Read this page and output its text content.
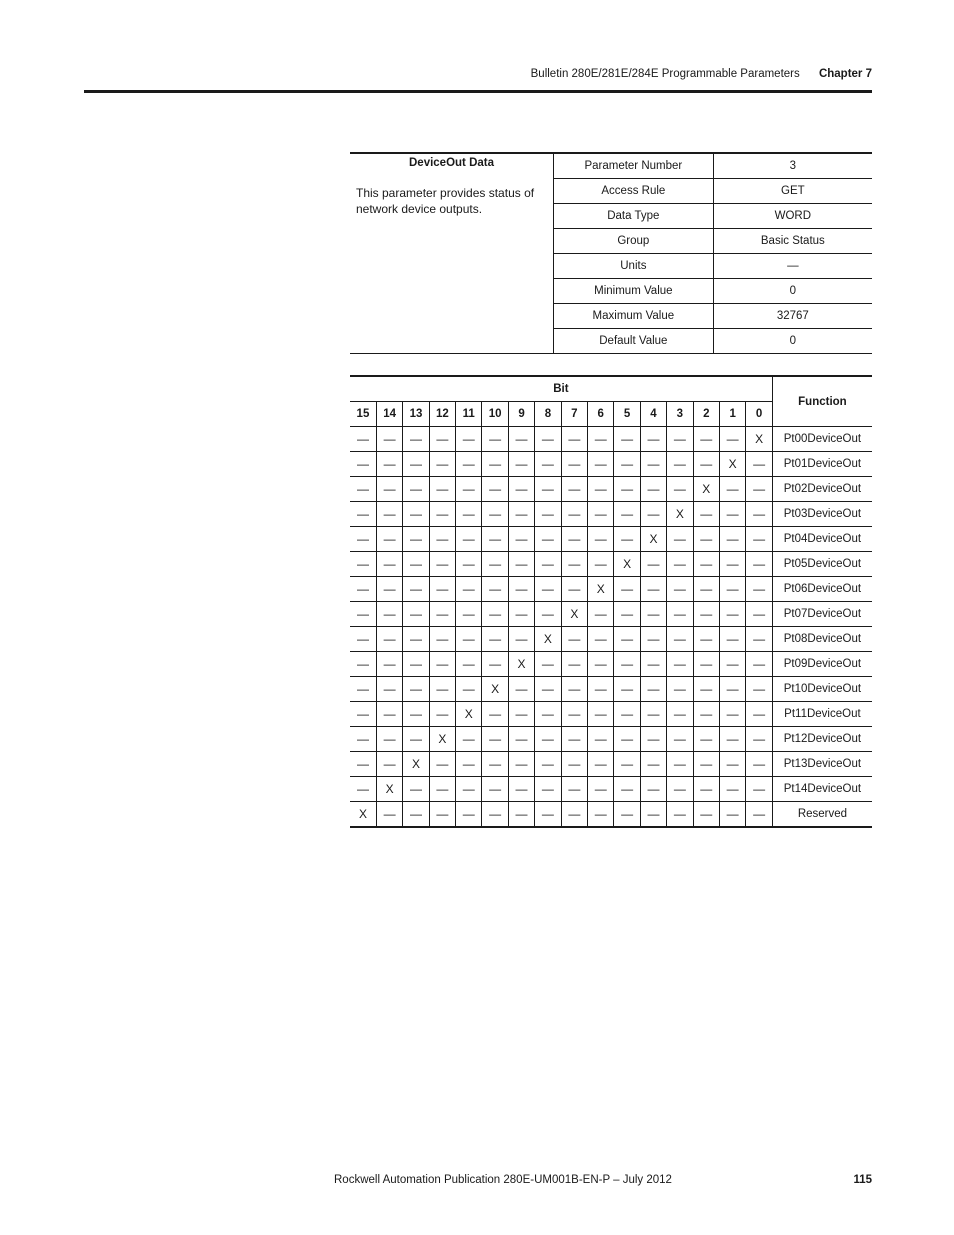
Bulletin 280E/281E/284E Programmable Parameters Chapter 7
DeviceOut Data
This parameter provides status of network device outputs.	Parameter Number	3
	Access Rule	GET
	Data Type	WORD
	Group	Basic Status
	Units	—
	Minimum Value	0
	Maximum Value	32767
	Default Value	0
Bit																Function
15	14	13	12	11	10	9	8	7	6	5	4	3	2	1	0	
—	—	—	—	—	—	—	—	—	—	—	—	—	—	—	X	Pt00DeviceOut
—	—	—	—	—	—	—	—	—	—	—	—	—	—	X	—	Pt01DeviceOut
—	—	—	—	—	—	—	—	—	—	—	—	—	X	—	—	Pt02DeviceOut
—	—	—	—	—	—	—	—	—	—	—	—	X	—	—	—	Pt03DeviceOut
—	—	—	—	—	—	—	—	—	—	—	X	—	—	—	—	Pt04DeviceOut
—	—	—	—	—	—	—	—	—	—	X	—	—	—	—	—	Pt05DeviceOut
—	—	—	—	—	—	—	—	—	X	—	—	—	—	—	—	Pt06DeviceOut
—	—	—	—	—	—	—	—	X	—	—	—	—	—	—	—	Pt07DeviceOut
—	—	—	—	—	—	—	X	—	—	—	—	—	—	—	—	Pt08DeviceOut
—	—	—	—	—	—	X	—	—	—	—	—	—	—	—	—	Pt09DeviceOut
—	—	—	—	—	X	—	—	—	—	—	—	—	—	—	—	Pt10DeviceOut
—	—	—	—	X	—	—	—	—	—	—	—	—	—	—	—	Pt11DeviceOut
—	—	—	X	—	—	—	—	—	—	—	—	—	—	—	—	Pt12DeviceOut
—	—	X	—	—	—	—	—	—	—	—	—	—	—	—	—	Pt13DeviceOut
—	X	—	—	—	—	—	—	—	—	—	—	—	—	—	—	Pt14DeviceOut
X	—	—	—	—	—	—	—	—	—	—	—	—	—	—	—	Reserved
Rockwell Automation Publication 280E-UM001B-EN-P – July 2012	115
